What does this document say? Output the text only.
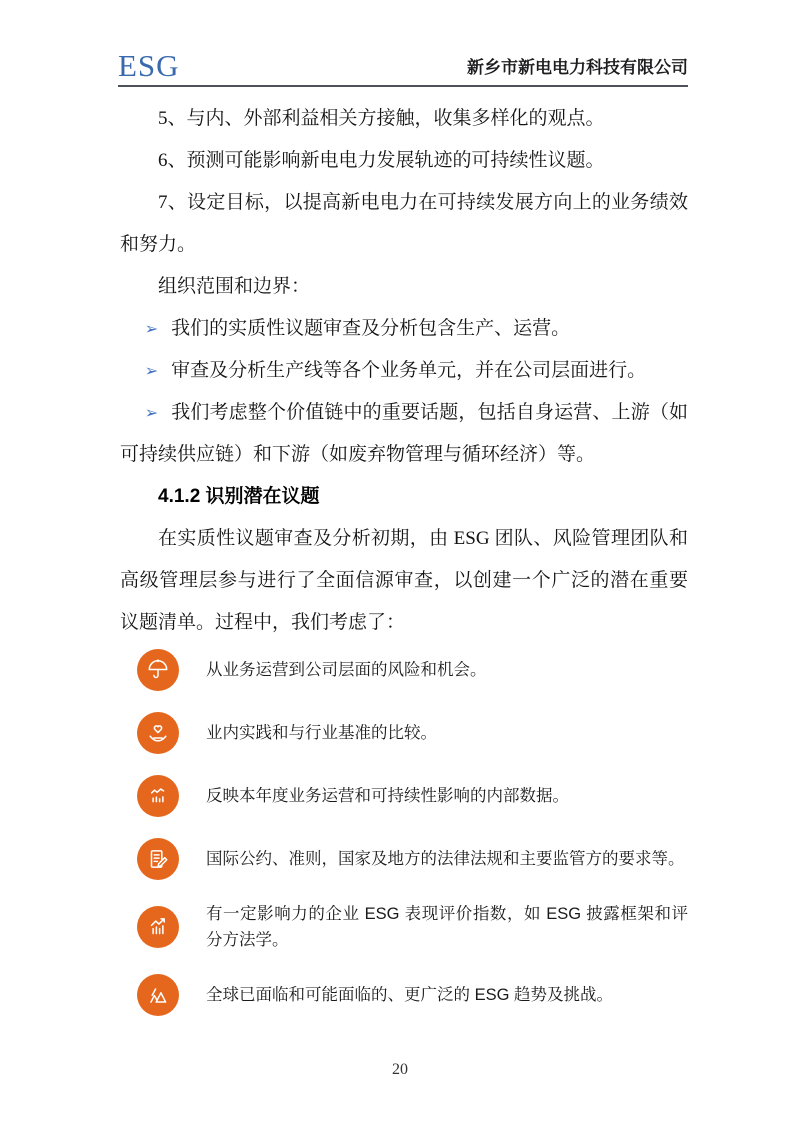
ESG	新乡市新电电力科技有限公司

5、与内、外部利益相关方接触，收集多样化的观点。

6、预测可能影响新电电力发展轨迹的可持续性议题。

7、设定目标，以提高新电电力在可持续发展方向上的业务绩效和努力。

组织范围和边界：

➢ 我们的实质性议题审查及分析包含生产、运营。

➢ 审查及分析生产线等各个业务单元，并在公司层面进行。

➢ 我们考虑整个价值链中的重要话题，包括自身运营、上游（如可持续供应链）和下游（如废弃物管理与循环经济）等。

4.1.2 识别潜在议题

在实质性议题审查及分析初期，由 ESG 团队、风险管理团队和高级管理层参与进行了全面信源审查，以创建一个广泛的潜在重要议题清单。过程中，我们考虑了：

从业务运营到公司层面的风险和机会。
业内实践和与行业基准的比较。
反映本年度业务运营和可持续性影响的内部数据。
国际公约、准则，国家及地方的法律法规和主要监管方的要求等。
有一定影响力的企业 ESG 表现评价指数，如 ESG 披露框架和评分方法学。
全球已面临和可能面临的、更广泛的 ESG 趋势及挑战。
20
